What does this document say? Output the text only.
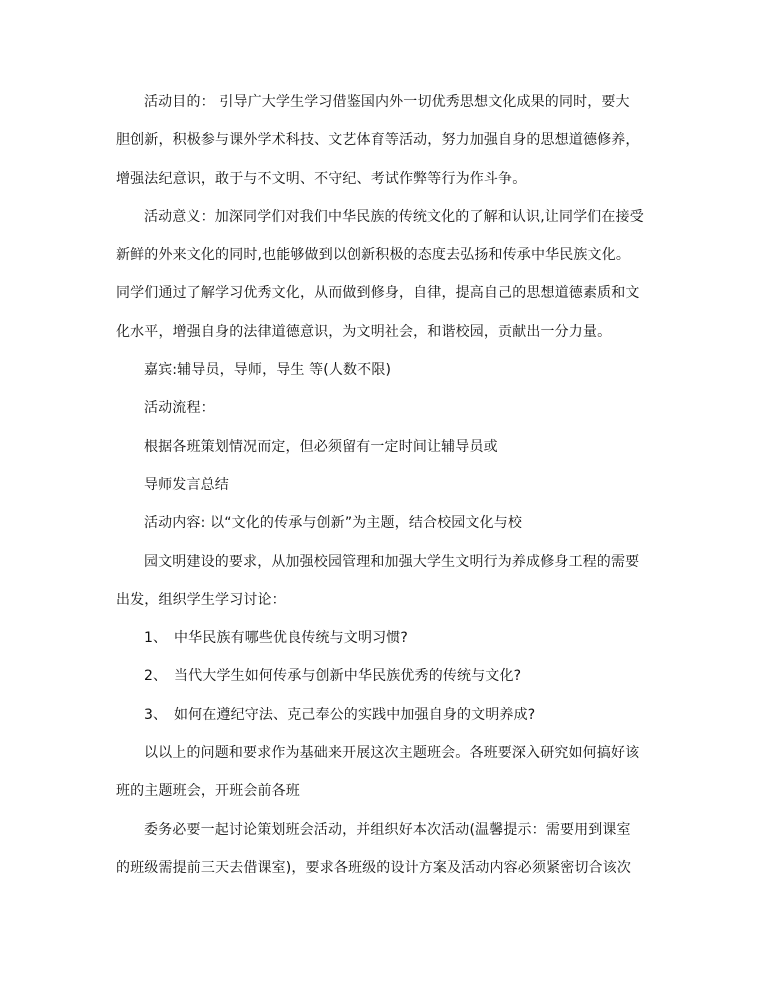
活动目的： 引导广大学生学习借鉴国内外一切优秀思想文化成果的同时，要大
胆创新，积极参与课外学术科技、文艺体育等活动，努力加强自身的思想道德修养，
增强法纪意识，敢于与不文明、不守纪、考试作弊等行为作斗争。
活动意义：加深同学们对我们中华民族的传统文化的了解和认识,让同学们在接受
新鲜的外来文化的同时,也能够做到以创新积极的态度去弘扬和传承中华民族文化。
同学们通过了解学习优秀文化，从而做到修身，自律，提高自己的思想道德素质和文
化水平，增强自身的法律道德意识，为文明社会，和谐校园，贡献出一分力量。
嘉宾:辅导员，导师，导生 等(人数不限)
活动流程：
根据各班策划情况而定，但必须留有一定时间让辅导员或
导师发言总结
活动内容: 以“文化的传承与创新”为主题，结合校园文化与校
园文明建设的要求，从加强校园管理和加强大学生文明行为养成修身工程的需要
出发，组织学生学习讨论：
1、 中华民族有哪些优良传统与文明习惯?
2、 当代大学生如何传承与创新中华民族优秀的传统与文化?
3、 如何在遵纪守法、克己奉公的实践中加强自身的文明养成?
以以上的问题和要求作为基础来开展这次主题班会。各班要深入研究如何搞好该
班的主题班会，开班会前各班
委务必要一起讨论策划班会活动，并组织好本次活动(温馨提示：需要用到课室
的班级需提前三天去借课室)，要求各班级的设计方案及活动内容必须紧密切合该次
